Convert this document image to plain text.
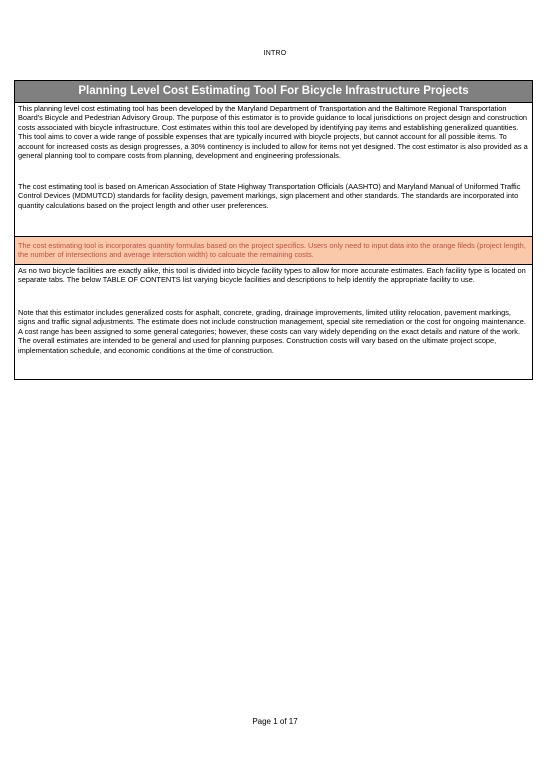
INTRO
Planning Level Cost Estimating Tool For Bicycle Infrastructure Projects
This planning level cost estimating tool has been developed by the Maryland Department of Transportation and the Baltimore Regional Transportation Board's Bicycle and Pedestrian Advisory Group. The purpose of this estimator is to provide guidance to local jurisdictions on project design and construction costs associated with bicycle infrastructure. Cost estimates within this tool are developed by identifying pay items and establishing generalized quantities. This tool aims to cover a wide range of possible expenses that are typically incurred with bicycle projects, but cannot account for all possible items. To account for increased costs as design progresses, a 30% continency is included to allow for items not yet designed. The cost estimator is also provided as a general planning tool to compare costs from planning, development and engineering professionals.
The cost estimating tool is based on American Association of State Highway Transportation Officials (AASHTO) and Maryland Manual of Uniformed Traffic Control Devices (MDMUTCD) standards for facility design, pavement markings, sign placement and other standards. The standards are incorporated into quantity calculations based on the project length and other user preferences.
The cost estimating tool is incorporates quantity formulas based on the project specifics. Users only need to input data into the orange fileds (project length, the number of intersections and average intersction width) to calcuate the remaining costs.
As no two bicycle facilities are exactly alike, this tool is divided into bicycle facility types to allow for more accurate estimates. Each facility type is located on separate tabs. The below TABLE OF CONTENTS list varying bicycle facilities and descriptions to help identify the appropriate facility to use.
Note that this estimator includes generalized costs for asphalt, concrete, grading, drainage improvements, limited utility relocation, pavement markings, signs and traffic signal adjustments. The estimate does not include construction management, special site remediation or the cost for ongoing maintenance. A cost range has been assigned to some general categories; however, these costs can vary widely depending on the exact details and nature of the work. The overall estimates are intended to be general and used for planning purposes. Construction costs will vary based on the ultimate project scope, implementation schedule, and economic conditions at the time of construction.
Page 1 of 17
